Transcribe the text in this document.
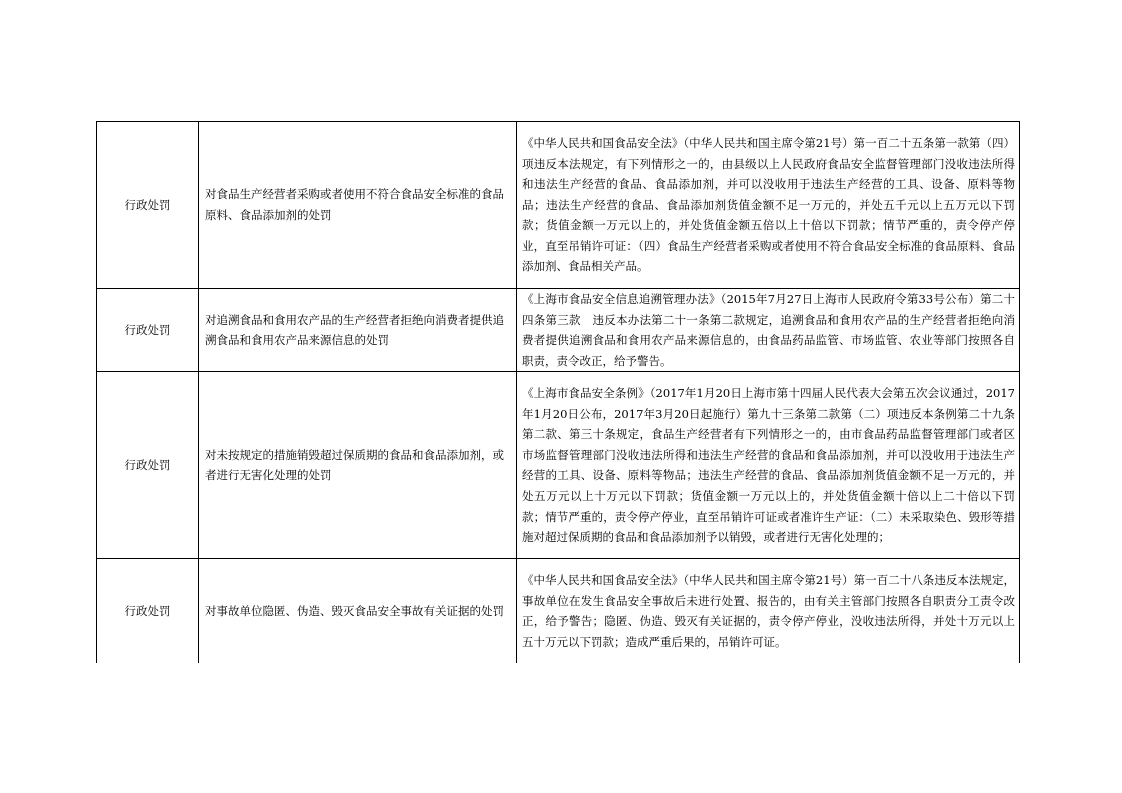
行政处罚	对食品生产经营者采购或者使用不符合食品安全标准的食品原料、食品添加剂的处罚	《中华人民共和国食品安全法》（中华人民共和国主席令第21号）第一百二十五条第一款第（四）项违反本法规定，有下列情形之一的，由县级以上人民政府食品安全监督管理部门没收违法所得和违法生产经营的食品、食品添加剂，并可以没收用于违法生产经营的工具、设备、原料等物品；违法生产经营的食品、食品添加剂货值金额不足一万元的，并处五千元以上五万元以下罚款；货值金额一万元以上的，并处货值金额五倍以上十倍以下罚款；情节严重的，责令停产停业，直至吊销许可证：（四）食品生产经营者采购或者使用不符合食品安全标准的食品原料、食品添加剂、食品相关产品。
行政处罚	对追溯食品和食用农产品的生产经营者拒绝向消费者提供追溯食品和食用农产品来源信息的处罚	《上海市食品安全信息追溯管理办法》（2015年7月27日上海市人民政府令第33号公布）第二十四条第三款　违反本办法第二十一条第二款规定，追溯食品和食用农产品的生产经营者拒绝向消费者提供追溯食品和食用农产品来源信息的，由食品药品监管、市场监管、农业等部门按照各自职责，责令改正，给予警告。
行政处罚	对未按规定的措施销毁超过保质期的食品和食品添加剂，或者进行无害化处理的处罚	《上海市食品安全条例》（2017年1月20日上海市第十四届人民代表大会第五次会议通过，2017年1月20日公布，2017年3月20日起施行）第九十三条第二款第（二）项违反本条例第二十九条第二款、第三十条规定，食品生产经营者有下列情形之一的，由市食品药品监督管理部门或者区市场监督管理部门没收违法所得和违法生产经营的食品和食品添加剂，并可以没收用于违法生产经营的工具、设备、原料等物品；违法生产经营的食品、食品添加剂货值金额不足一万元的，并处五万元以上十万元以下罚款；货值金额一万元以上的，并处货值金额十倍以上二十倍以下罚款；情节严重的，责令停产停业，直至吊销许可证或者准许生产证：（二）未采取染色、毁形等措施对超过保质期的食品和食品添加剂予以销毁，或者进行无害化处理的；
行政处罚	对事故单位隐匿、伪造、毁灭食品安全事故有关证据的处罚	《中华人民共和国食品安全法》（中华人民共和国主席令第21号）第一百二十八条违反本法规定，事故单位在发生食品安全事故后未进行处置、报告的，由有关主管部门按照各自职责分工责令改正，给予警告；隐匿、伪造、毁灭有关证据的，责令停产停业，没收违法所得，并处十万元以上五十万元以下罚款；造成严重后果的，吊销许可证。
